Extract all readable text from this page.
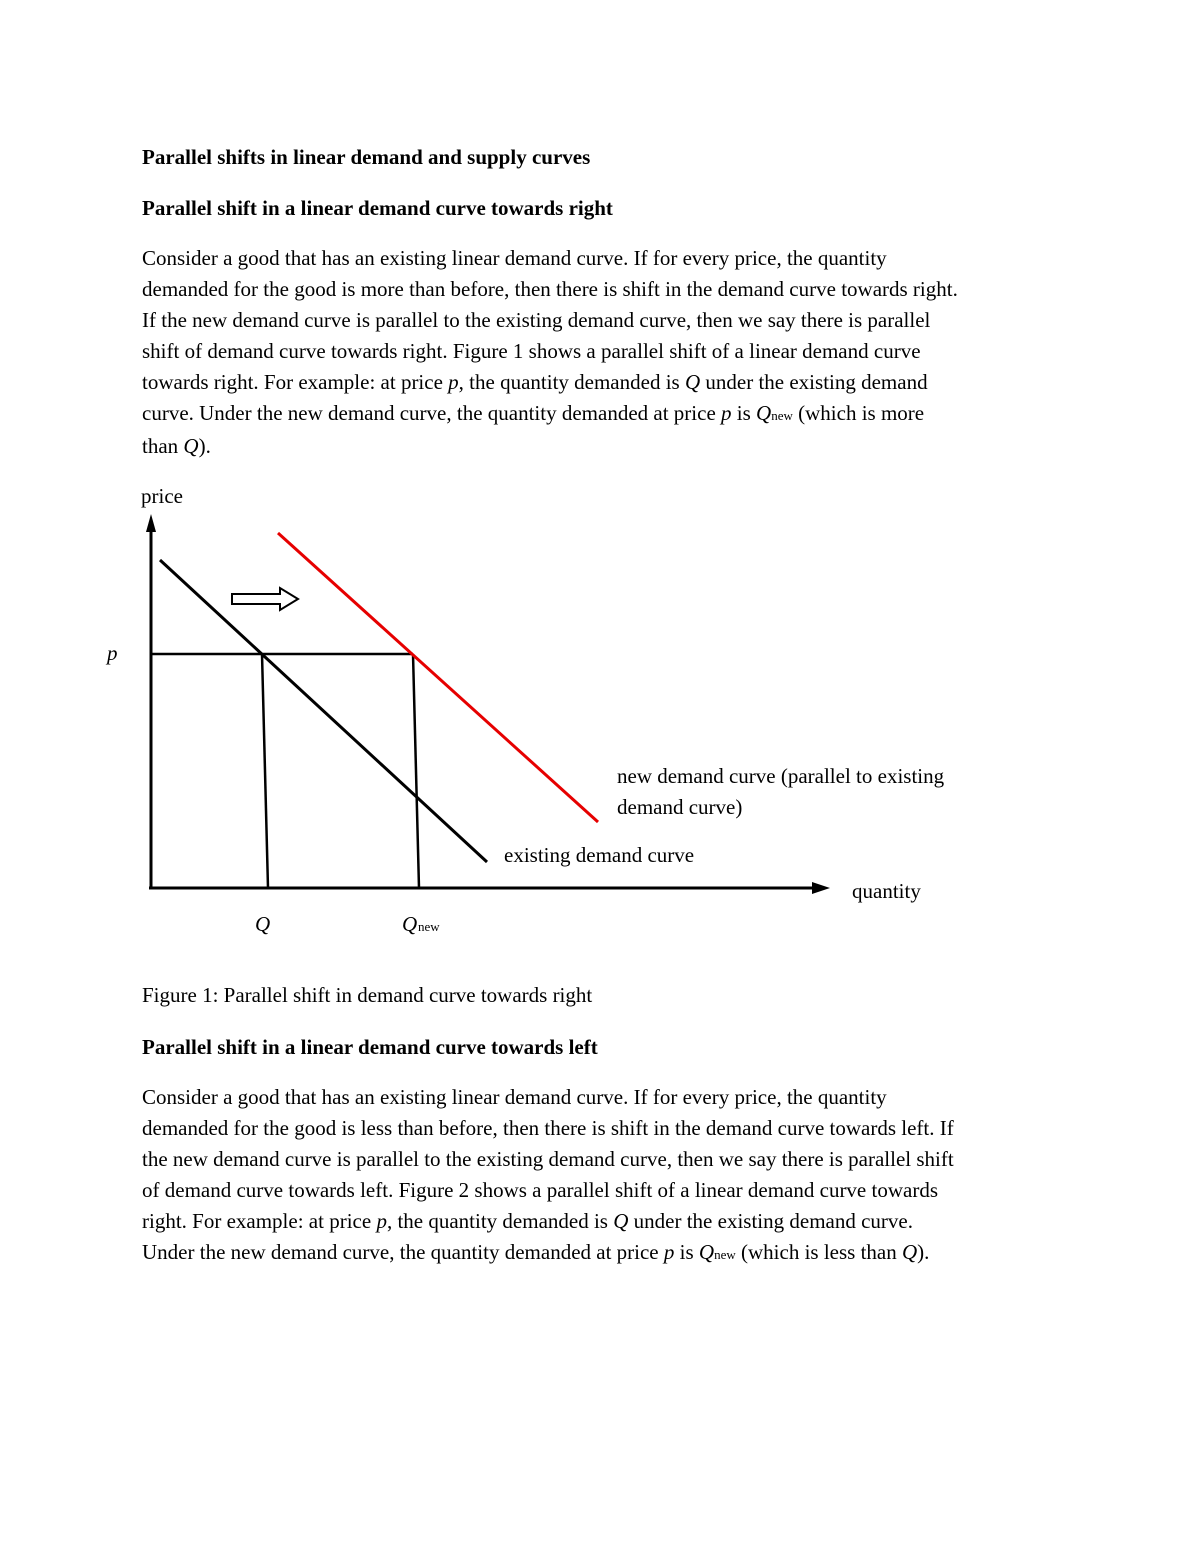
Parallel shifts in linear demand and supply curves

Parallel shift in a linear demand curve towards right

Consider a good that has an existing linear demand curve. If for every price, the quantity
demanded for the good is more than before, then there is shift in the demand curve towards right.
If the new demand curve is parallel to the existing demand curve, then we say there is parallel
shift of demand curve towards right. Figure 1 shows a parallel shift of a linear demand curve
towards right. For example: at price p, the quantity demanded is Q under the existing demand
curve. Under the new demand curve, the quantity demanded at price p is Qnew (which is more
than Q).

price
quantity
p
new demand curve (parallel to existing
demand curve)
existing demand curve
Q	Q new

Figure 1: Parallel shift in demand curve towards right

Parallel shift in a linear demand curve towards left

Consider a good that has an existing linear demand curve. If for every price, the quantity
demanded for the good is less than before, then there is shift in the demand curve towards left. If
the new demand curve is parallel to the existing demand curve, then we say there is parallel shift
of demand curve towards left. Figure 2 shows a parallel shift of a linear demand curve towards
right. For example: at price p, the quantity demanded is Q under the existing demand curve.
Under the new demand curve, the quantity demanded at price p is Qnew (which is less than Q).
